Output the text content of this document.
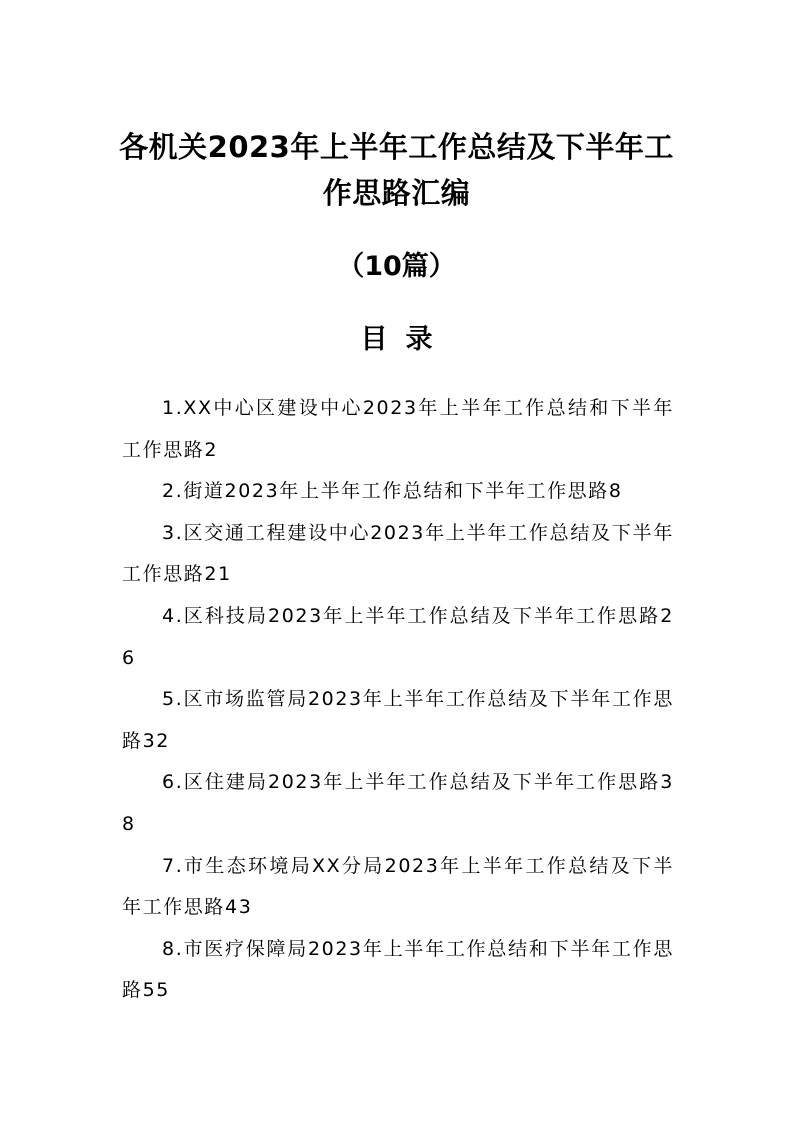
各机关2023年上半年工作总结及下半年工
作思路汇编
（10篇）
目录
1.XX中心区建设中心2023年上半年工作总结和下半年工作思路2
2.街道2023年上半年工作总结和下半年工作思路8
3.区交通工程建设中心2023年上半年工作总结及下半年工作思路21
4.区科技局2023年上半年工作总结及下半年工作思路26
5.区市场监管局2023年上半年工作总结及下半年工作思路32
6.区住建局2023年上半年工作总结及下半年工作思路38
7.市生态环境局XX分局2023年上半年工作总结及下半年工作思路43
8.市医疗保障局2023年上半年工作总结和下半年工作思路55
